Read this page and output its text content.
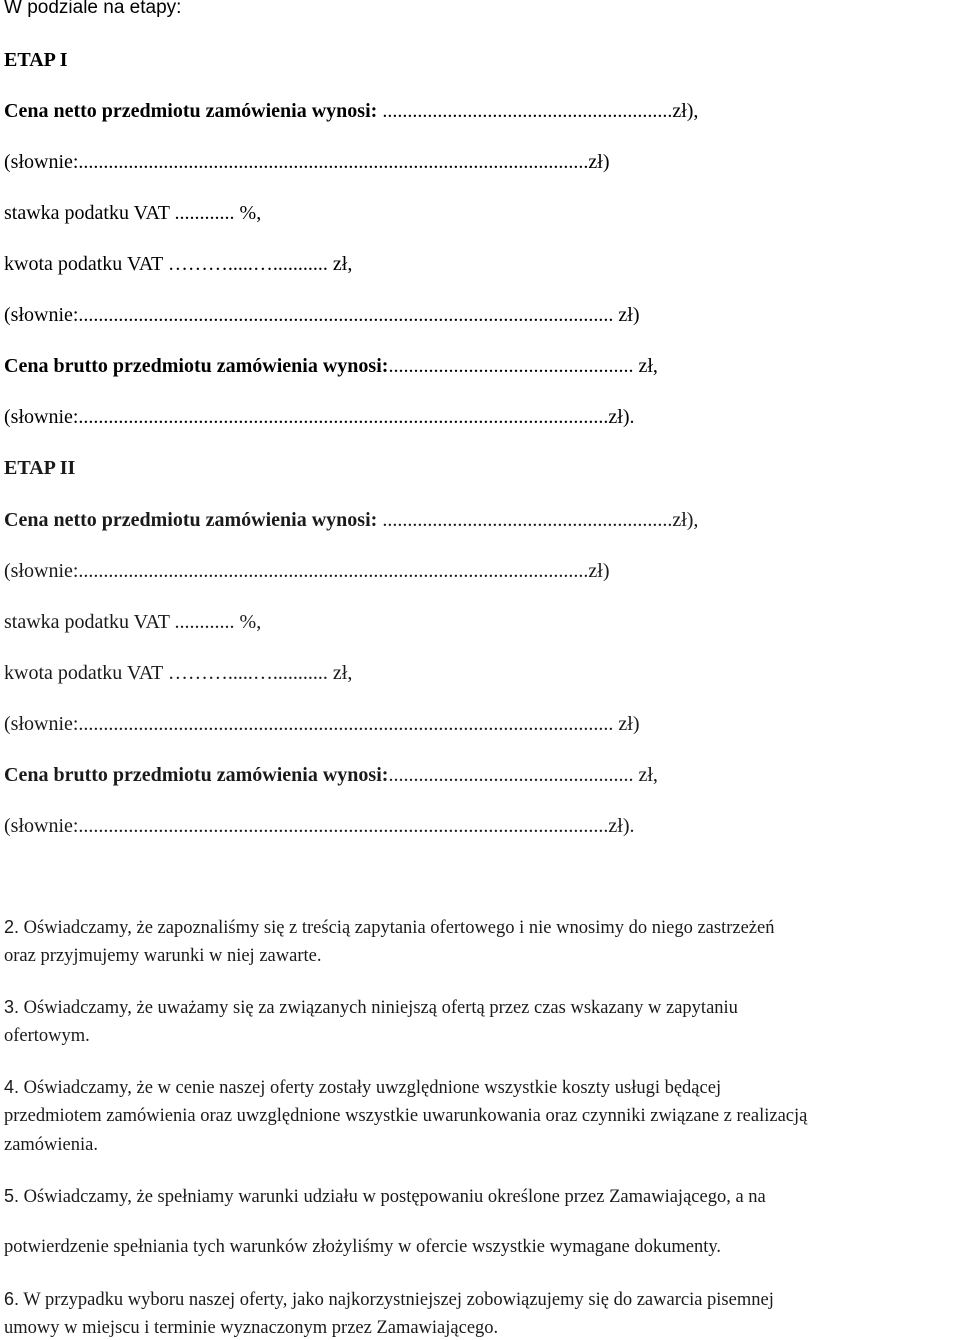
W podziale na etapy:
ETAP I
Cena netto przedmiotu zamówienia wynosi: ..........................................................zł),
(słownie:......................................................................................................zł)
stawka podatku VAT ............ %,
kwota podatku VAT ……….....…........... zł,
(słownie:........................................................................................................... zł)
Cena brutto przedmiotu zamówienia wynosi:................................................. zł,
(słownie:..........................................................................................................zł).
ETAP II
Cena netto przedmiotu zamówienia wynosi: ..........................................................zł),
(słownie:......................................................................................................zł)
stawka podatku VAT ............ %,
kwota podatku VAT ……….....…........... zł,
(słownie:........................................................................................................... zł)
Cena brutto przedmiotu zamówienia wynosi:................................................. zł,
(słownie:..........................................................................................................zł).
2. Oświadczamy, że zapoznaliśmy się z treścią zapytania ofertowego i nie wnosimy do niego zastrzeżeń
oraz przyjmujemy warunki w niej zawarte.
3. Oświadczamy, że uważamy się za związanych niniejszą ofertą przez czas wskazany w zapytaniu
ofertowym.
4. Oświadczamy, że w cenie naszej oferty zostały uwzględnione wszystkie koszty usługi będącej
przedmiotem zamówienia oraz uwzględnione wszystkie uwarunkowania oraz czynniki związane z realizacją
zamówienia.
5. Oświadczamy, że spełniamy warunki udziału w postępowaniu określone przez Zamawiającego, a na
potwierdzenie spełniania tych warunków złożyliśmy w ofercie wszystkie wymagane dokumenty.
6. W przypadku wyboru naszej oferty, jako najkorzystniejszej zobowiązujemy się do zawarcia pisemnej
umowy w miejscu i terminie wyznaczonym przez Zamawiającego.
